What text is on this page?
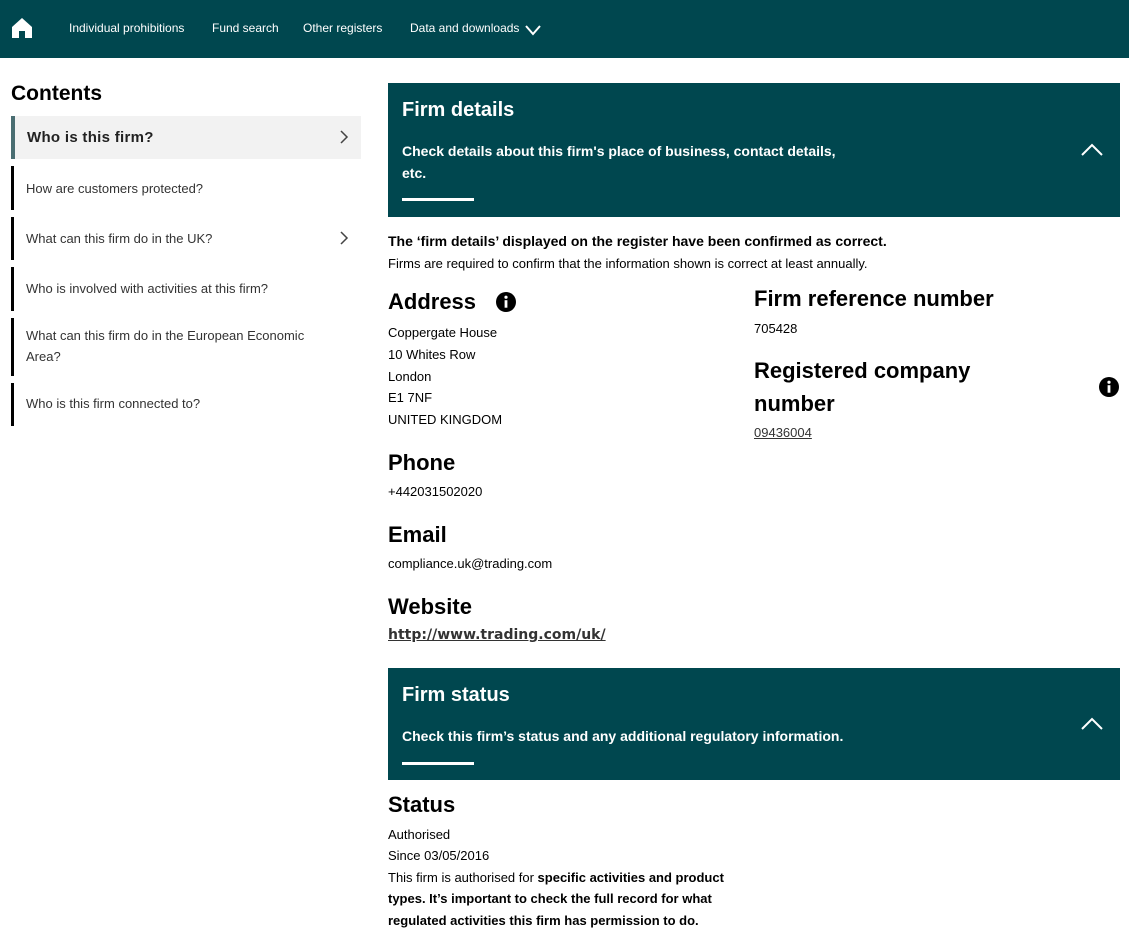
Individual prohibitions Fund search Other registers Data and downloads
Contents
Who is this firm?
How are customers protected?
What can this firm do in the UK?
Who is involved with activities at this firm?
What can this firm do in the European Economic
Area?
Who is this firm connected to?
Firm details
Check details about this firm's place of business, contact details,
etc.
The ‘firm details’ displayed on the register have been confirmed as correct.
Firms are required to confirm that the information shown is correct at least annually.
Address
Coppergate House
10 Whites Row
London
E1 7NF
UNITED KINGDOM
Phone
+442031502020
Email
compliance.uk@trading.com
Website
http://www.trading.com/uk/
Firm reference number
705428
Registered company
number
09436004
Firm status
Check this firm’s status and any additional regulatory information.
Status
Authorised
Since 03/05/2016
This firm is authorised for specific activities and product
types. It’s important to check the full record for what
regulated activities this firm has permission to do.
